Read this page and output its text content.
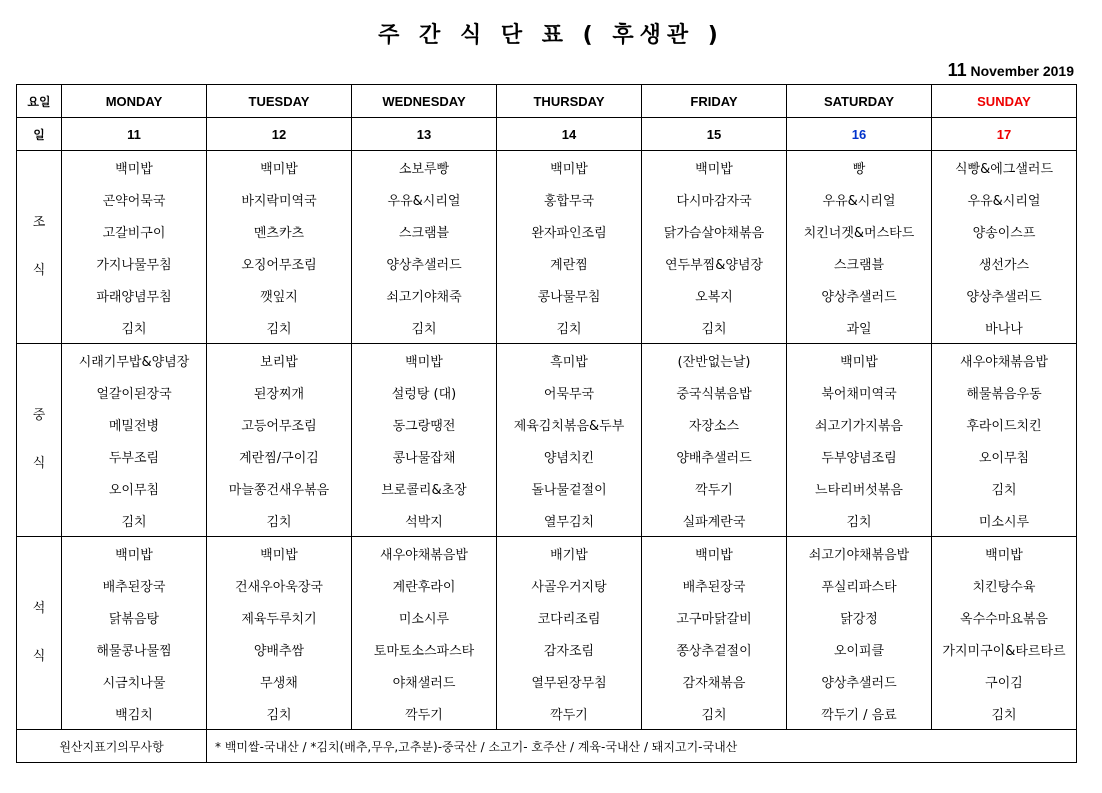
주 간 식 단 표 ( 후생관 )
11 November 2019
요일	MONDAY	TUESDAY	WEDNESDAY	THURSDAY	FRIDAY	SATURDAY	SUNDAY
일	11	12	13	14	15	16	17

조
식	백미밥	백미밥	소보루빵	백미밥	백미밥	빵	식빵&에그샐러드
	곤약어묵국	바지락미역국	우유&시리얼	홍합무국	다시마감자국	우유&시리얼	우유&시리얼
	고갈비구이	멘츠카츠	스크램블	완자파인조림	닭가슴살야채볶음	치킨너겟&머스타드	양송이스프
	가지나물무침	오징어무조림	양상추샐러드	계란찜	연두부찜&양념장	스크램블	생선가스
	파래양념무침	깻잎지	쇠고기야채죽	콩나물무침	오복지	양상추샐러드	양상추샐러드
	김치	김치	김치	김치	김치	과일	바나나

중
식	시래기무밥&양념장	보리밥	백미밥	흑미밥	(잔반없는날)	백미밥	새우야채볶음밥
	얼갈이된장국	된장찌개	설렁탕 (대)	어묵무국	중국식볶음밥	북어채미역국	해물볶음우동
	메밀전병	고등어무조림	동그랑땡전	제육김치볶음&두부	자장소스	쇠고기가지볶음	후라이드치킨
	두부조림	계란찜/구이김	콩나물잡채	양념치킨	양배추샐러드	두부양념조림	오이무침
	오이무침	마늘쫑건새우볶음	브로콜리&초장	돌나물겉절이	깍두기	느타리버섯볶음	김치
	김치	김치	석박지	열무김치	실파계란국	김치	미소시루

석
식	백미밥	백미밥	새우야채볶음밥	배기밥	백미밥	쇠고기야채볶음밥	백미밥
	배추된장국	건새우아욱장국	계란후라이	사골우거지탕	배추된장국	푸실리파스타	치킨탕수육
	닭볶음탕	제육두루치기	미소시루	코다리조림	고구마닭갈비	닭강정	옥수수마요볶음
	해물콩나물찜	양배추쌈	토마토소스파스타	감자조림	쫑상추겉절이	오이피클	가지미구이&타르타르
	시금치나물	무생채	야채샐러드	열무된장무침	감자채볶음	양상추샐러드	구이김
	백김치	김치	깍두기	깍두기	김치	깍두기 / 음료	김치
원산지표기의무사항		* 백미쌀-국내산 / *김치(배추,무우,고추분)-중국산 / 소고기- 호주산 / 계육-국내산 / 돼지고기-국내산					
